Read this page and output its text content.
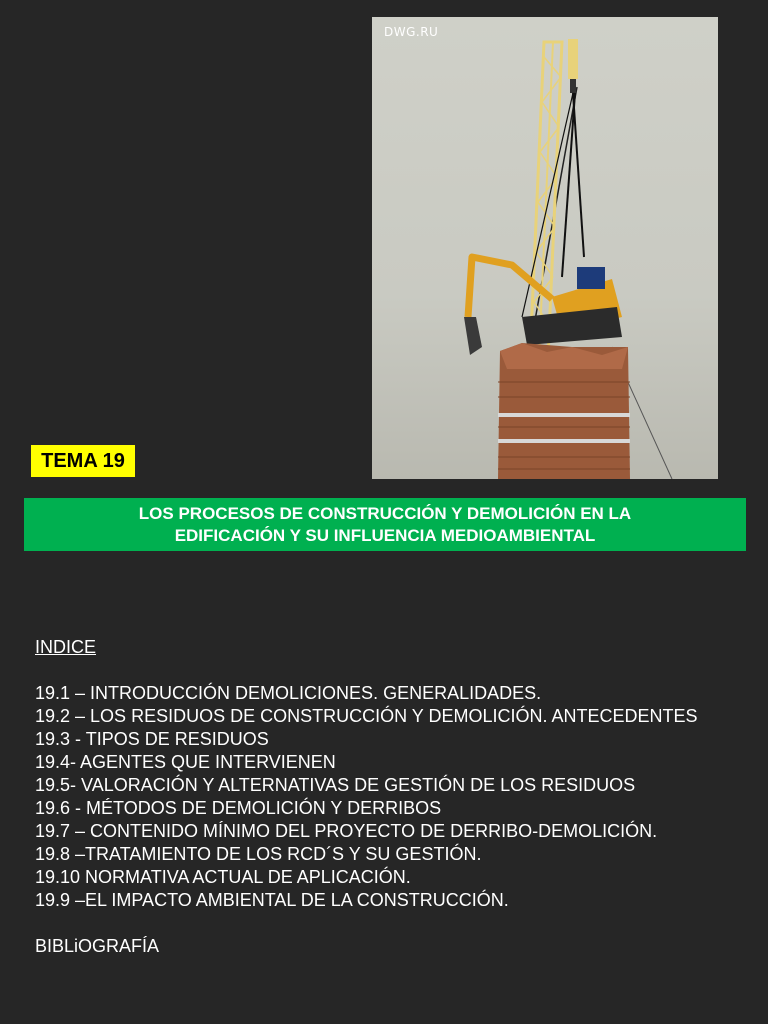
DWG.RU
TEMA 19
LOS PROCESOS DE CONSTRUCCIÓN Y DEMOLICIÓN EN LA
EDIFICACIÓN Y SU INFLUENCIA MEDIOAMBIENTAL
INDICE
19.1 – INTRODUCCIÓN DEMOLICIONES. GENERALIDADES.
19.2 – LOS RESIDUOS DE CONSTRUCCIÓN Y DEMOLICIÓN. ANTECEDENTES
19.3 - TIPOS DE RESIDUOS
19.4- AGENTES QUE INTERVIENEN
19.5- VALORACIÓN Y ALTERNATIVAS DE GESTIÓN DE LOS RESIDUOS
19.6 - MÉTODOS DE DEMOLICIÓN Y DERRIBOS
19.7 – CONTENIDO MÍNIMO DEL PROYECTO DE DERRIBO-DEMOLICIÓN.
19.8 –TRATAMIENTO DE LOS RCD´S Y SU GESTIÓN.
19.10 NORMATIVA ACTUAL DE APLICACIÓN.
19.9 –EL IMPACTO AMBIENTAL DE LA CONSTRUCCIÓN.
BIBLiOGRAFÍA
